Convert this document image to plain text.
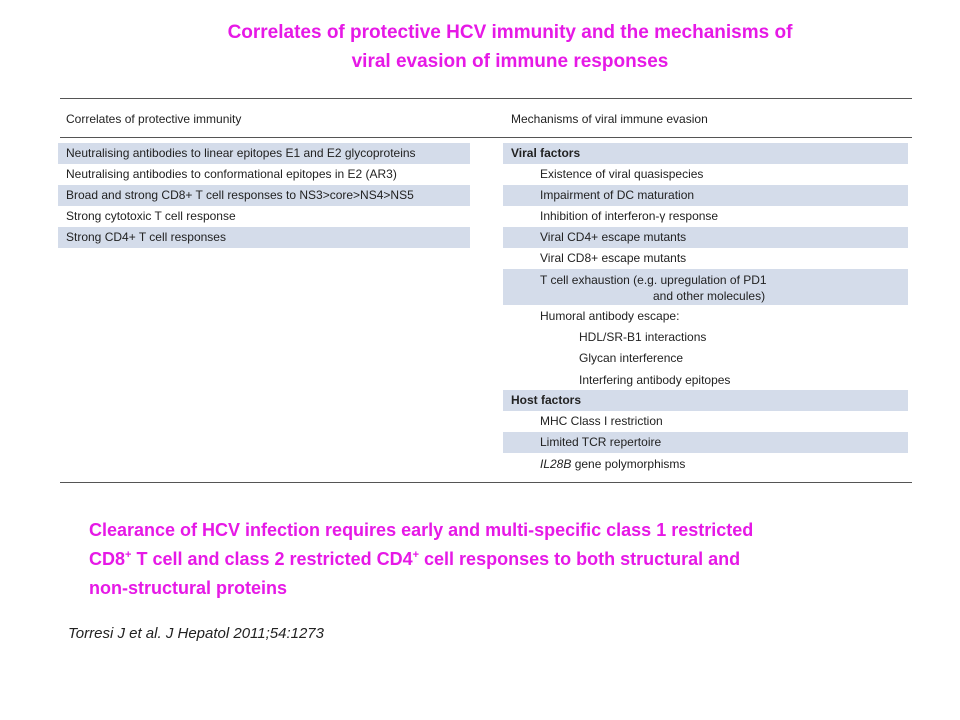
Correlates of protective HCV immunity and the mechanisms of
viral evasion of immune responses
Correlates of protective immunity	Mechanisms of viral immune evasion
Neutralising antibodies to linear epitopes E1 and E2 glycoproteins
Neutralising antibodies to conformational epitopes in E2 (AR3)
Broad and strong CD8+ T cell responses to NS3>core>NS4>NS5
Strong cytotoxic T cell response
Strong CD4+ T cell responses
Viral factors
Existence of viral quasispecies
Impairment of DC maturation
Inhibition of interferon-γ response
Viral CD4+ escape mutants
Viral CD8+ escape mutants
T cell exhaustion (e.g. upregulation of PD1
and other molecules)
Humoral antibody escape:
HDL/SR-B1 interactions
Glycan interference
Interfering antibody epitopes
Host factors
MHC Class I restriction
Limited TCR repertoire
IL28B gene polymorphisms
Clearance of HCV infection requires early and multi-specific class 1 restricted
CD8+ T cell and class 2 restricted CD4+ cell responses to both structural and
non-structural proteins
Torresi J et al. J Hepatol 2011;54:1273
